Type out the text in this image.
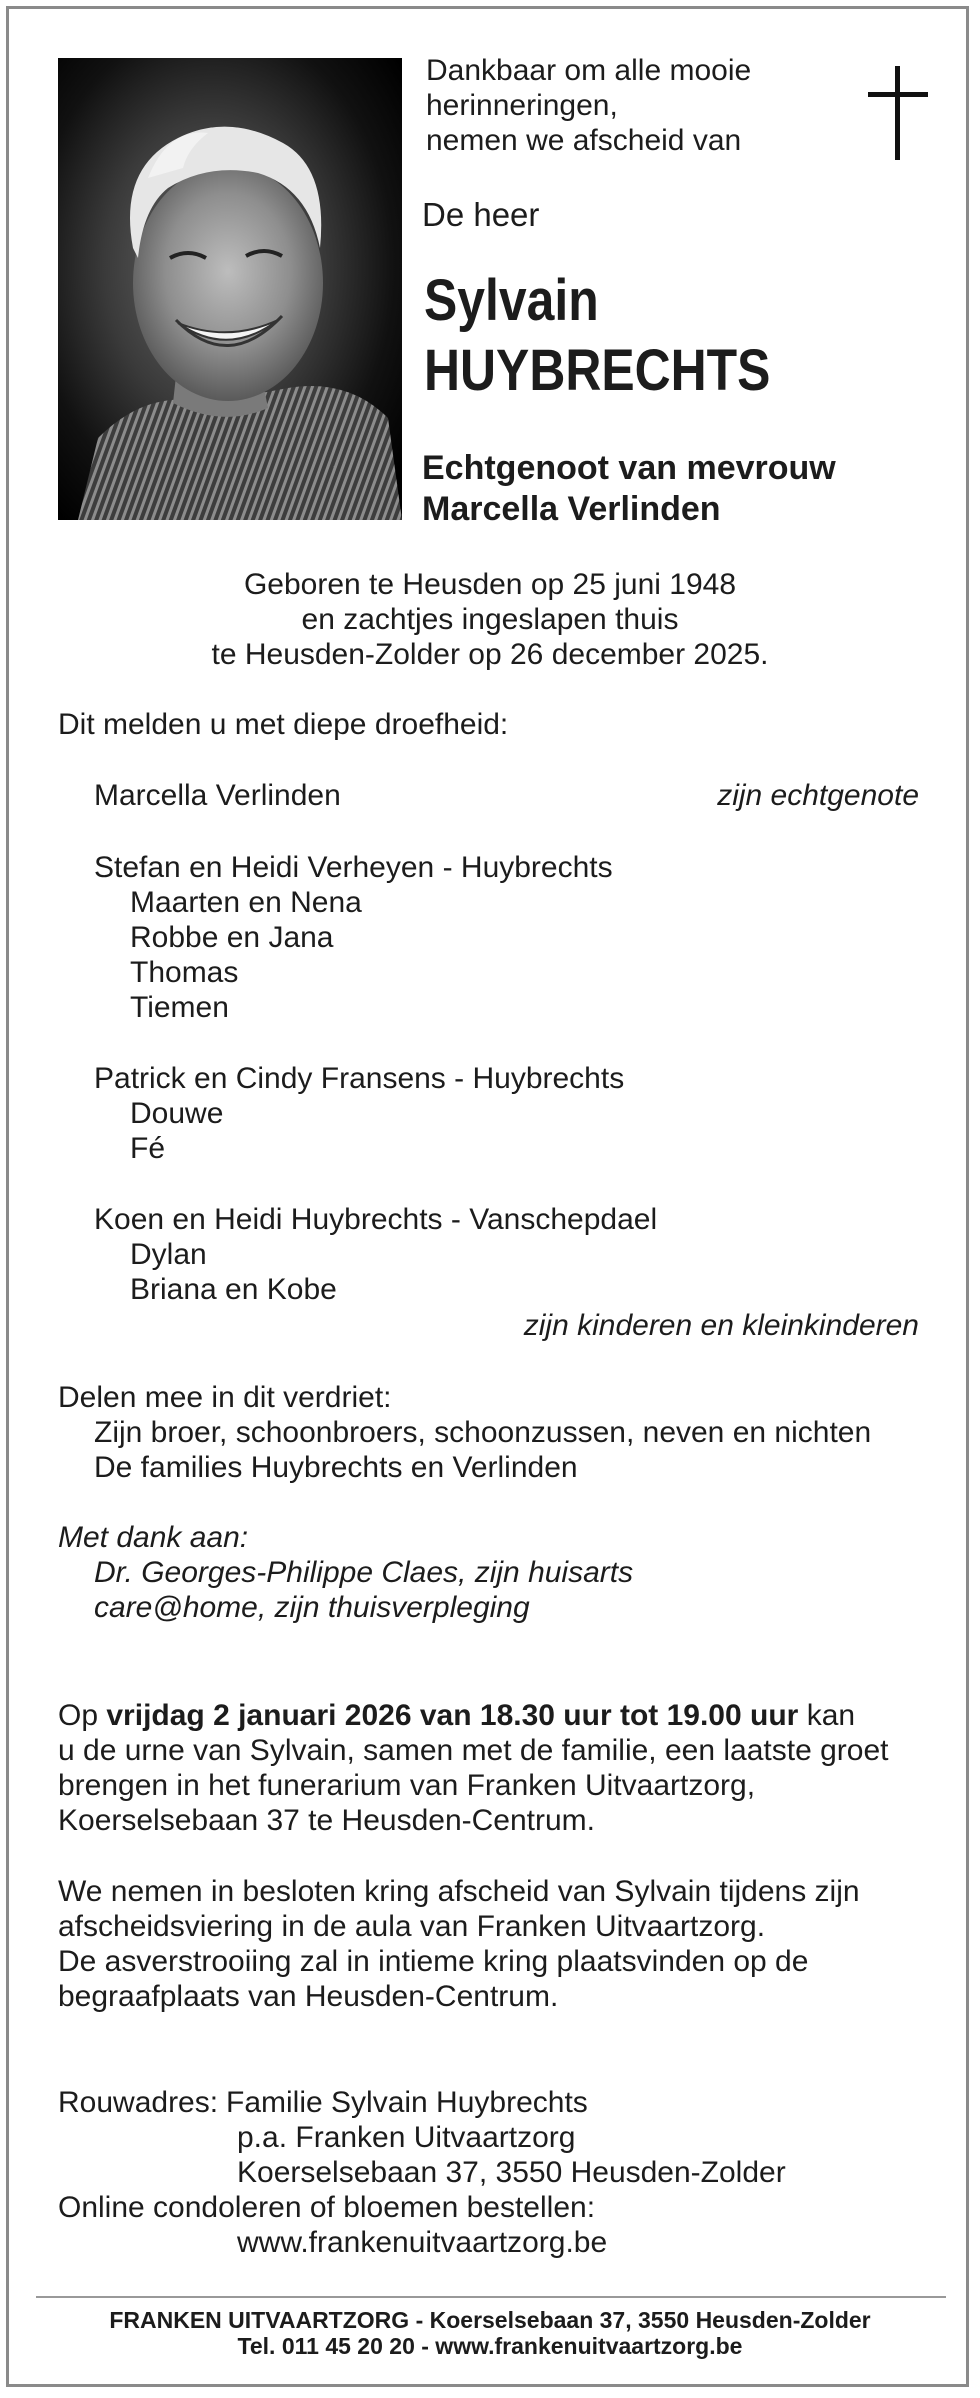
Dankbaar om alle mooie
herinneringen,
nemen we afscheid van
De heer
Sylvain
HUYBRECHTS
Echtgenoot van mevrouw
Marcella Verlinden
Geboren te Heusden op 25 juni 1948
en zachtjes ingeslapen thuis
te Heusden-Zolder op 26 december 2025.
Dit melden u met diepe droefheid:
Marcella Verlinden	zijn echtgenote
Stefan en Heidi Verheyen - Huybrechts
Maarten en Nena
Robbe en Jana
Thomas
Tiemen
Patrick en Cindy Fransens - Huybrechts
Douwe
Fé
Koen en Heidi Huybrechts - Vanschepdael
Dylan
Briana en Kobe
zijn kinderen en kleinkinderen
Delen mee in dit verdriet:
Zijn broer, schoonbroers, schoonzussen, neven en nichten
De families Huybrechts en Verlinden
Met dank aan:
Dr. Georges-Philippe Claes, zijn huisarts
care@home, zijn thuisverpleging
Op vrijdag 2 januari 2026 van 18.30 uur tot 19.00 uur kan
u de urne van Sylvain, samen met de familie, een laatste groet
brengen in het funerarium van Franken Uitvaartzorg,
Koerselsebaan 37 te Heusden-Centrum.
We nemen in besloten kring afscheid van Sylvain tijdens zijn
afscheidsviering in de aula van Franken Uitvaartzorg.
De asverstrooiing zal in intieme kring plaatsvinden op de
begraafplaats van Heusden-Centrum.
Rouwadres: Familie Sylvain Huybrechts
p.a. Franken Uitvaartzorg
Koerselsebaan 37, 3550 Heusden-Zolder
Online condoleren of bloemen bestellen:
www.frankenuitvaartzorg.be
FRANKEN UITVAARTZORG - Koerselsebaan 37, 3550 Heusden-Zolder
Tel. 011 45 20 20 - www.frankenuitvaartzorg.be
